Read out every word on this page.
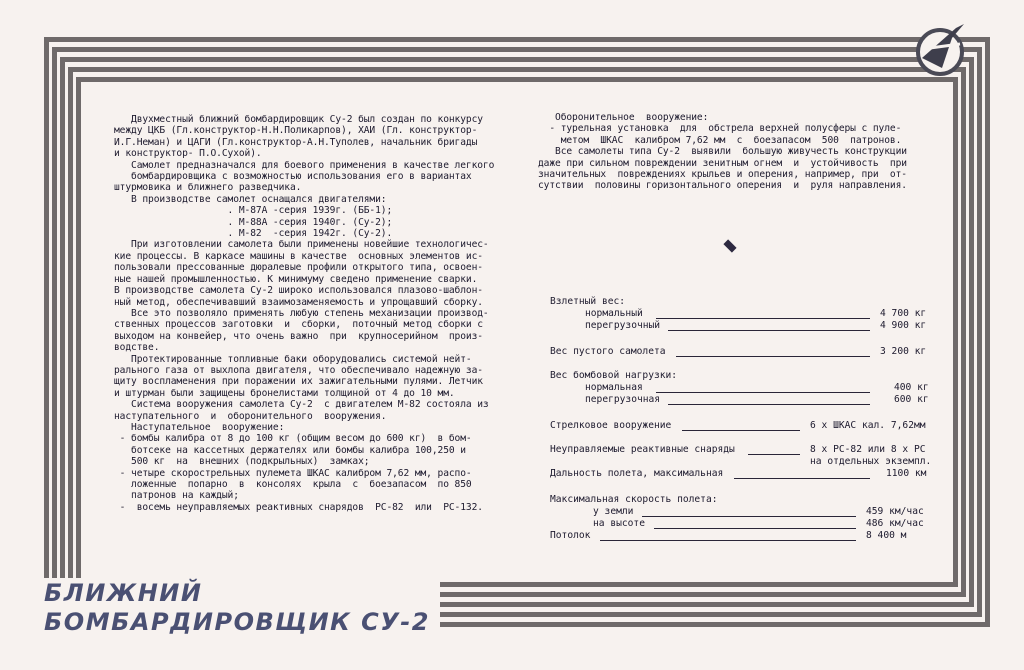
Двухместный ближний бомбардировщик Су-2 был создан по конкурсу

между ЦКБ (Гл.конструктор-Н.Н.Поликарпов), ХАИ (Гл. конструктор-

И.Г.Неман) и ЦАГИ (Гл.конструктор-А.Н.Туполев, начальник бригады

и конструктор- П.О.Сухой).

Самолет предназначался для боевого применения в качестве легкого

бомбардировщика с возможностью использования его в вариантах

штурмовика и ближнего разведчика.

В производстве самолет оснащался двигателями:

. М-87А -серия 1939г. (ББ-1);

. М-88А -серия 1940г. (Су-2);

. М-82  -серия 1942г. (Су-2).

При изготовлении самолета были применены новейшие технологичес-

кие процессы. В каркасе машины в качестве  основных элементов ис-

пользовали прессованные дюралевые профили открытого типа, освоен-

ные нашей промышленностью. К минимуму сведено применение сварки.

В производстве самолета Су-2 широко использовался плазово-шаблон-

ный метод, обеспечивавший взаимозаменяемость и упрощавший сборку.

Все это позволяло применять любую степень механизации производ-

ственных процессов заготовки  и  сборки,  поточный метод сборки с

выходом на конвейер, что очень важно  при  крупносерийном  произ-

водстве.

Протектированные топливные баки оборудовались системой нейт-

рального газа от выхлопа двигателя, что обеспечивало надежную за-

щиту воспламенения при поражении их зажигательными пулями. Летчик

и штурман были защищены бронелистами толщиной от 4 до 10 мм.

Система вооружения самолета Су-2  с двигателем М-82 состояла из

наступательного  и  оборонительного  вооружения.

Наступательное  вооружение:

- бомбы калибра от 8 до 100 кг (общим весом до 600 кг)  в бом-

ботсеке на кассетных держателях или бомбы калибра 100,250 и

500 кг  на  внешних (подкрыльных)  замках;

- четыре скорострельных пулемета ШКАС калибром 7,62 мм, распо-

ложенные  попарно  в  консолях  крыла  с  боезапасом  по 850

патронов на каждый;

-  восемь неуправляемых реактивных снарядов  РС-82  или  РС-132.

Оборонительное  вооружение:

- турельная установка  для  обстрела верхней полусферы с пуле-

метом  ШКАС  калибром 7,62 мм  с  боезапасом  500  патронов.

Все самолеты типа Су-2  выявили  большую живучесть конструкции

даже при сильном повреждении зенитным огнем  и  устойчивость  при

значительных  повреждениях крыльев и оперения, например, при  от-

сутствии  половины горизонтального оперения  и  руля направления.

Взлетный вес:
нормальный	4 700 кг
перегрузочный	4 900 кг
Вес пустого самолета	3 200 кг
Вес бомбовой нагрузки:
нормальная	400 кг
перегрузочная	600 кг
Стрелковое вооружение	6 х ШКАС кал. 7,62мм
Неуправляемые реактивные снаряды	8 х РС-82 или 8 х РС
на отдельных экземпл.
Дальность полета, максимальная	1100 км
Максимальная скорость полета:
у земли	459 км/час
на высоте	486 км/час
Потолок	8 400 м
БЛИЖНИЙ
БОМБАРДИРОВЩИК СУ-2
